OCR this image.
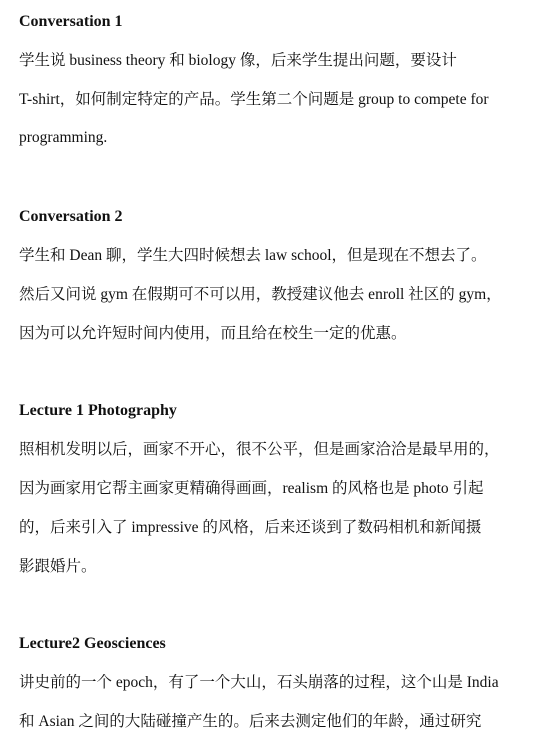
Conversation 1
学生说 business theory 和 biology 像，后来学生提出问题，要设计
T-shirt，如何制定特定的产品。学生第二个问题是 group to compete for
programming.
Conversation 2
学生和 Dean 聊，学生大四时候想去 law school，但是现在不想去了。
然后又问说 gym 在假期可不可以用，教授建议他去 enroll 社区的 gym，
因为可以允许短时间内使用，而且给在校生一定的优惠。
Lecture 1 Photography
照相机发明以后，画家不开心，很不公平，但是画家洽洽是最早用的，
因为画家用它帮主画家更精确得画画，realism 的风格也是 photo 引起
的，后来引入了 impressive 的风格，后来还谈到了数码相机和新闻摄
影跟婚片。
Lecture2 Geosciences
讲史前的一个 epoch，有了一个大山，石头崩落的过程，这个山是 India
和 Asian 之间的大陆碰撞产生的。后来去测定他们的年龄，通过研究
